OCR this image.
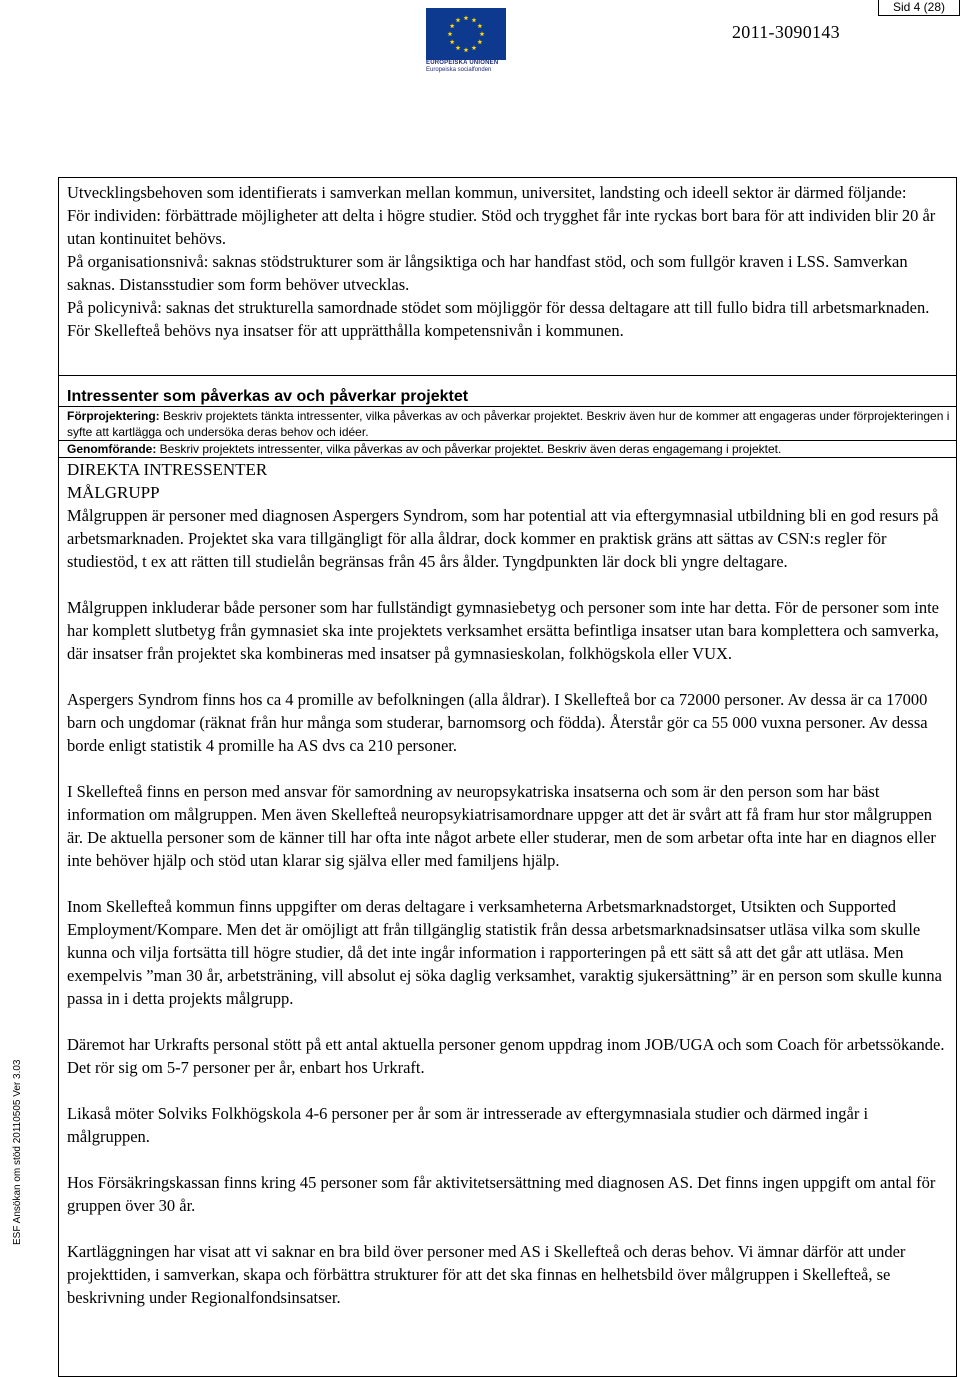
Sid 4 (28)
EUROPEISKA UNIONEN
Europeiska socialfonden
2011-3090143
ESF Ansökan om stöd 20110505 Ver 3.03

Utvecklingsbehoven som identifierats i samverkan mellan kommun, universitet, landsting och ideell sektor är därmed följande:

För individen: förbättrade möjligheter att delta i högre studier. Stöd och trygghet får inte ryckas bort bara för att individen blir 20 år utan kontinuitet behövs.

På organisationsnivå: saknas stödstrukturer som är långsiktiga och har handfast stöd, och som fullgör kraven i LSS. Samverkan saknas. Distansstudier som form behöver utvecklas.

På policynivå: saknas det strukturella samordnade stödet som möjliggör för dessa deltagare att till fullo bidra till arbetsmarknaden. För Skellefteå behövs nya insatser för att upprätthålla kompetensnivån i kommunen.

Intressenter som påverkas av och påverkar projektet
Förprojektering: Beskriv projektets tänkta intressenter, vilka påverkas av och påverkar projektet. Beskriv även hur de kommer att engageras under förprojekteringen i syfte att kartlägga och undersöka deras behov och idéer.
Genomförande: Beskriv projektets intressenter, vilka påverkas av och påverkar projektet. Beskriv även deras engagemang i projektet.

DIREKTA INTRESSENTER

MÅLGRUPP

Målgruppen är personer med diagnosen Aspergers Syndrom, som har potential att via eftergymnasial utbildning bli en god resurs på arbetsmarknaden. Projektet ska vara tillgängligt för alla åldrar, dock kommer en praktisk gräns att sättas av CSN:s regler för studiestöd, t ex att rätten till studielån begränsas från 45 års ålder. Tyngdpunkten lär dock bli yngre deltagare.

Målgruppen inkluderar både personer som har fullständigt gymnasiebetyg och personer som inte har detta. För de personer som inte har komplett slutbetyg från gymnasiet ska inte projektets verksamhet ersätta befintliga insatser utan bara komplettera och samverka, där insatser från projektet ska kombineras med insatser på gymnasieskolan, folkhögskola eller VUX.

Aspergers Syndrom finns hos ca 4 promille av befolkningen (alla åldrar). I Skellefteå bor ca 72000 personer. Av dessa är ca 17000 barn och ungdomar (räknat från hur många som studerar, barnomsorg och födda). Återstår gör ca 55 000 vuxna personer. Av dessa borde enligt statistik 4 promille ha AS dvs ca 210 personer.

I Skellefteå finns en person med ansvar för samordning av neuropsykatriska insatserna och som är den person som har bäst information om målgruppen. Men även Skellefteå neuropsykiatrisamordnare uppger att det är svårt att få fram hur stor målgruppen är. De aktuella personer som de känner till har ofta inte något arbete eller studerar, men de som arbetar ofta inte har en diagnos eller inte behöver hjälp och stöd utan klarar sig själva eller med familjens hjälp.

Inom Skellefteå kommun finns uppgifter om deras deltagare i verksamheterna Arbetsmarknadstorget, Utsikten och Supported Employment/Kompare. Men det är omöjligt att från tillgänglig statistik från dessa arbetsmarknadsinsatser utläsa vilka som skulle kunna och vilja fortsätta till högre studier, då det inte ingår information i rapporteringen på ett sätt så att det går att utläsa. Men exempelvis ”man 30 år, arbetsträning, vill absolut ej söka daglig verksamhet, varaktig sjukersättning” är en person som skulle kunna passa in i detta projekts målgrupp.

Däremot har Urkrafts personal stött på ett antal aktuella personer genom uppdrag inom JOB/UGA och som Coach för arbetssökande. Det rör sig om 5-7 personer per år, enbart hos Urkraft.

Likaså möter Solviks Folkhögskola 4-6 personer per år som är intresserade av eftergymnasiala studier och därmed ingår i målgruppen.

Hos Försäkringskassan finns kring 45 personer som får aktivitetsersättning med diagnosen AS. Det finns ingen uppgift om antal för gruppen över 30 år.

Kartläggningen har visat att vi saknar en bra bild över personer med AS i Skellefteå och deras behov. Vi ämnar därför att under projekttiden, i samverkan, skapa och förbättra strukturer för att det ska finnas en helhetsbild över målgruppen i Skellefteå, se beskrivning under Regionalfondsinsatser.
